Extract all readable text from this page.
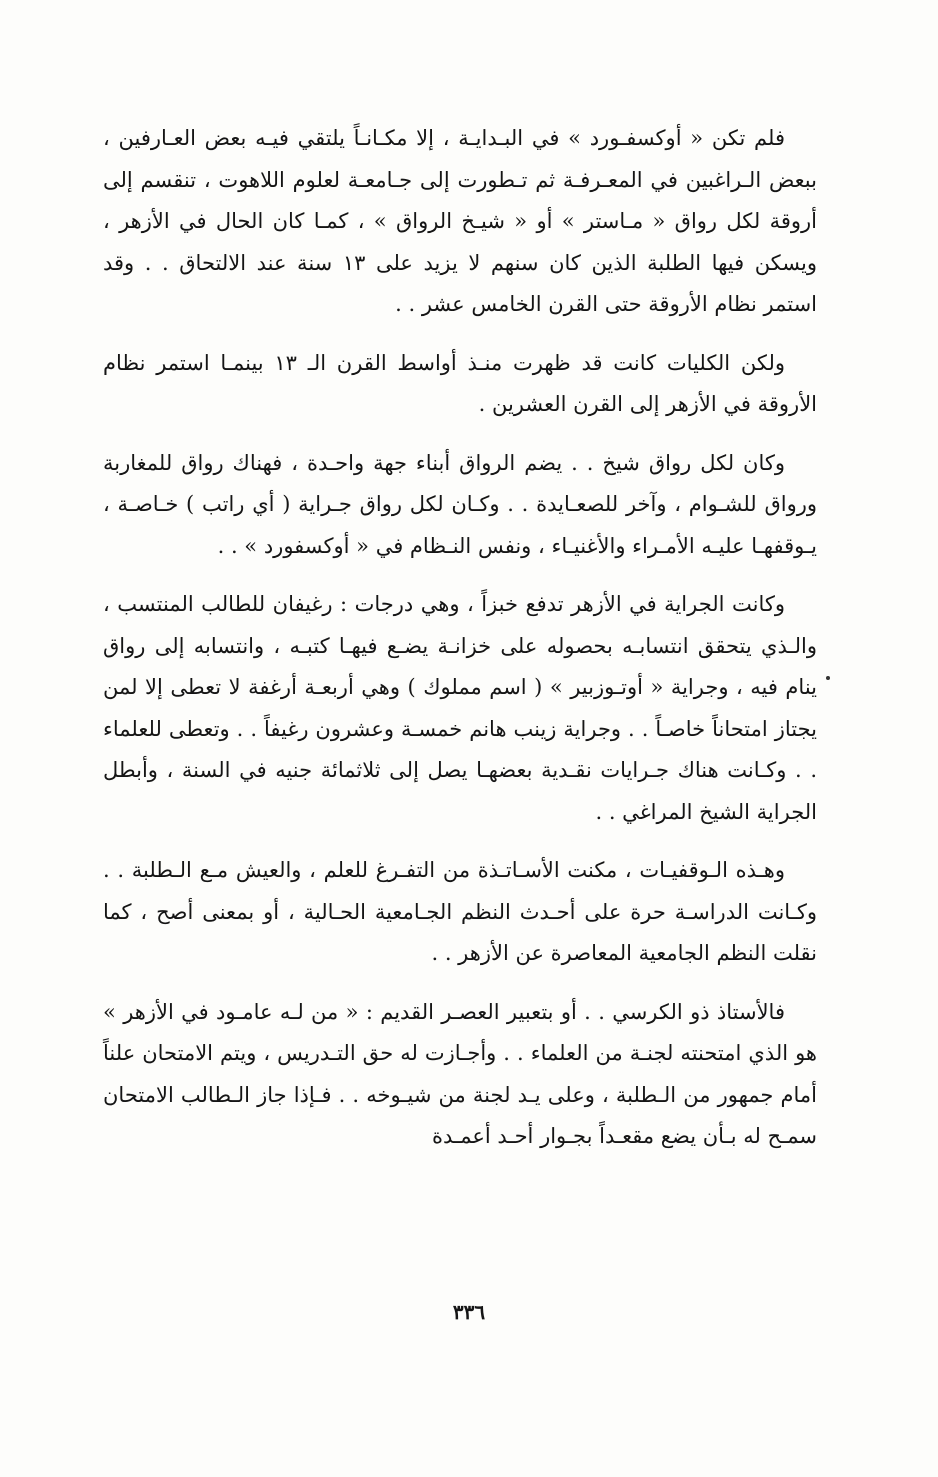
فلم تكن « أوكسفـورد » في البـدايـة ، إلا مكـانـاً يلتقي فيـه بعض العـارفين ، ببعض الـراغبين في المعـرفـة ثم تـطورت إلى جـامعـة لعلوم اللاهوت ، تنقسم إلى أروقة لكل رواق « مـاستر » أو « شيـخ الرواق » ، كمـا كان الحال في الأزهر ، ويسكن فيها الطلبة الذين كان سنهم لا يزيد على ١٣ سنة عند الالتحاق . . وقد استمر نظام الأروقة حتى القرن الخامس عشر . .

ولكن الكليات كانت قد ظهرت منـذ أواسط القرن الـ ١٣ بينمـا استمر نظام الأروقة في الأزهر إلى القرن العشرين .

وكان لكل رواق شيخ . . يضم الرواق أبناء جهة واحـدة ، فهناك رواق للمغاربة ورواق للشـوام ، وآخر للصعـايدة . . وكـان لكل رواق جـراية ( أي راتب ) خـاصـة ، يـوقفهـا عليـه الأمـراء والأغنيـاء ، ونفس النـظام في « أوكسفورد » . .

وكانت الجراية في الأزهر تدفع خبزاً ، وهي درجات : رغيفان للطالب المنتسب ، والـذي يتحقق انتسابـه بحصوله على خزانـة يضـع فيهـا كتبـه ، وانتسابه إلى رواق ينام فيه ، وجراية « أوتـوزبير » ( اسم مملوك ) وهي أربعـة أرغفة لا تعطى إلا لمن يجتاز امتحاناً خاصـاً . . وجراية زينب هانم خمسـة وعشرون رغيفاً . . وتعطى للعلماء . . وكـانت هناك جـرايات نقـدية بعضهـا يصل إلى ثلاثمائة جنيه في السنة ، وأبطل الجراية الشيخ المراغي . .

وهـذه الـوقفيـات ، مكنت الأسـاتـذة من التفـرغ للعلم ، والعيش مـع الـطلبة . . وكـانت الدراسـة حرة على أحـدث النظم الجـامعية الحـالية ، أو بمعنى أصح ، كما نقلت النظم الجامعية المعاصرة عن الأزهر . .

فالأستاذ ذو الكرسي . . أو بتعبير العصـر القديم : « من لـه عامـود في الأزهر » هو الذي امتحنته لجنـة من العلماء . . وأجـازت له حق التـدريس ، ويتم الامتحان علناً أمام جمهور من الـطلبة ، وعلى يـد لجنة من شيـوخه . . فـإذا جاز الـطالب الامتحان سمـح له بـأن يضع مقعـداً بجـوار أحـد أعمـدة

٣٣٦
